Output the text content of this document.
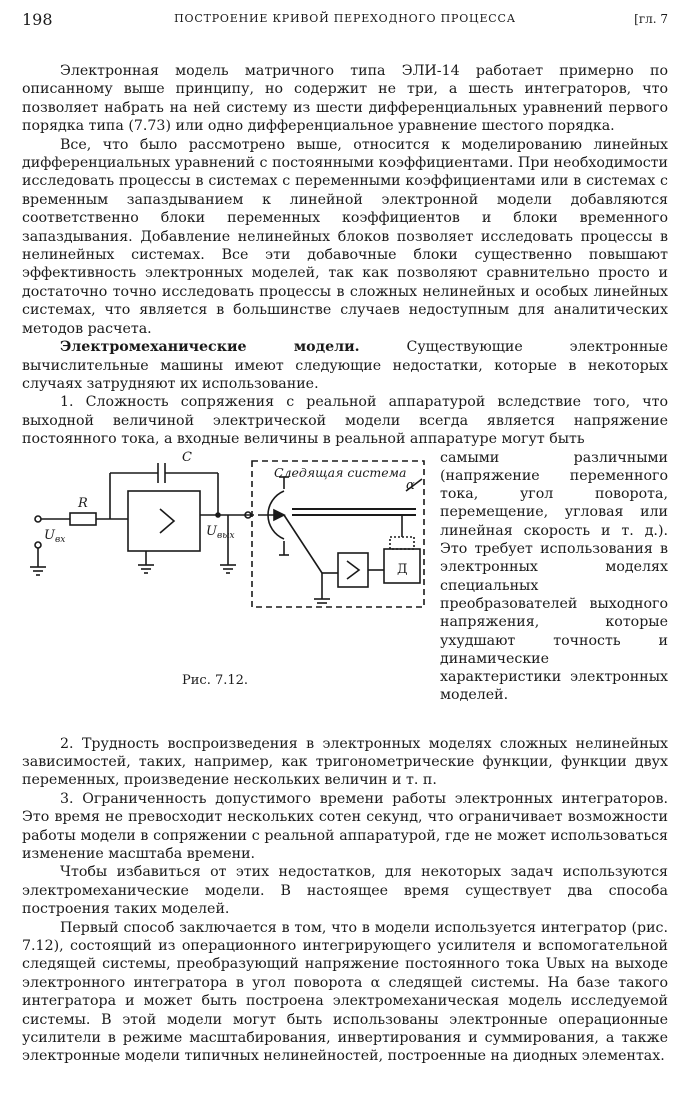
198	ПОСТРОЕНИЕ КРИВОЙ ПЕРЕХОДНОГО ПРОЦЕССА	[гл. 7

Электронная модель матричного типа ЭЛИ-14 работает примерно по описанному выше принципу, но содержит не три, а шесть интеграторов, что позволяет набрать на ней систему из шести дифференциальных уравнений первого порядка типа (7.73) или одно дифференциальное уравнение шестого порядка.

Все, что было рассмотрено выше, относится к моделированию линейных дифференциальных уравнений с постоянными коэффициентами. При необходимости исследовать процессы в системах с переменными коэффициентами или в системах с временным запаздыванием к линейной электронной модели добавляются соответственно блоки переменных коэффициентов и блоки временного запаздывания. Добавление нелинейных блоков позволяет исследовать процессы в нелинейных системах. Все эти добавочные блоки существенно повышают эффективность электронных моделей, так как позволяют сравнительно просто и достаточно точно исследовать процессы в сложных нелинейных и особых линейных системах, что является в большинстве случаев недоступным для аналитических методов расчета.

Электромеханические модели. Существующие электронные вычислительные машины имеют следующие недостатки, которые в некоторых случаях затрудняют их использование.

1. Сложность сопряжения с реальной аппаратурой вследствие того, что выходной величиной электрической модели всегда является напряжение постоянного тока, а входные величины в реальной аппаратуре могут быть

C
R
$U_{вх}$
$U_{вых}$
Следящая система
α
Д
Рис. 7.12.
самыми различными (напряжение переменного тока, угол поворота, перемещение, угловая или линейная скорость и т. д.). Это требует использования в электронных моделях специальных преобразователей выходного напряжения, которые ухудшают точность и динамические характеристики электронных моделей.

2. Трудность воспроизведения в электронных моделях сложных нелинейных зависимостей, таких, например, как тригонометрические функции, функции двух переменных, произведение нескольких величин и т. п.

3. Ограниченность допустимого времени работы электронных интеграторов. Это время не превосходит нескольких сотен секунд, что ограничивает возможности работы модели в сопряжении с реальной аппаратурой, где не может использоваться изменение масштаба времени.

Чтобы избавиться от этих недостатков, для некоторых задач используются электромеханические модели. В настоящее время существует два способа построения таких моделей.

Первый способ заключается в том, что в модели используется интегратор (рис. 7.12), состоящий из операционного интегрирующего усилителя и вспомогательной следящей системы, преобразующий напряжение постоянного тока Uвых на выходе электронного интегратора в угол поворота α следящей системы. На базе такого интегратора и может быть построена электромеханическая модель исследуемой системы. В этой модели могут быть использованы электронные операционные усилители в режиме масштабирования, инвертирования и суммирования, а также электронные модели типичных нелинейностей, построенные на диодных элементах.
